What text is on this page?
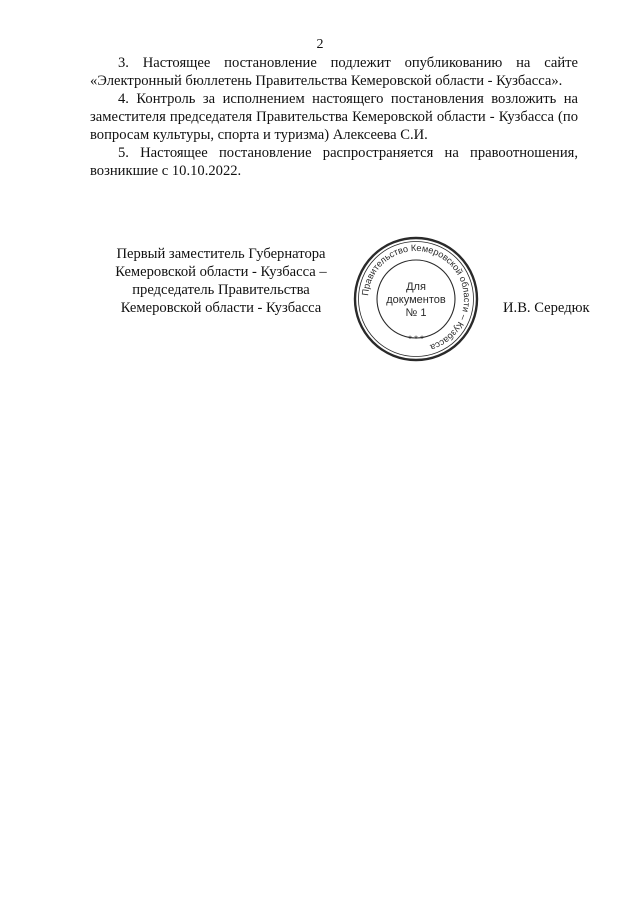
2

3. Настоящее постановление подлежит опубликованию на сайте «Электронный бюллетень Правительства Кемеровской области - Кузбасса».

4. Контроль за исполнением настоящего постановления возложить на заместителя председателя Правительства Кемеровской области - Кузбасса (по вопросам культуры, спорта и туризма) Алексеева С.И.

5. Настоящее постановление распространяется на правоотношения, возникшие с 10.10.2022.

Первый заместитель Губернатора
Кемеровской области - Кузбасса –
председатель Правительства
Кемеровской области - Кузбасса
Правительство Кемеровской области – Кузбасса
* * *
Для
документов
№ 1	И.В. Середюк
